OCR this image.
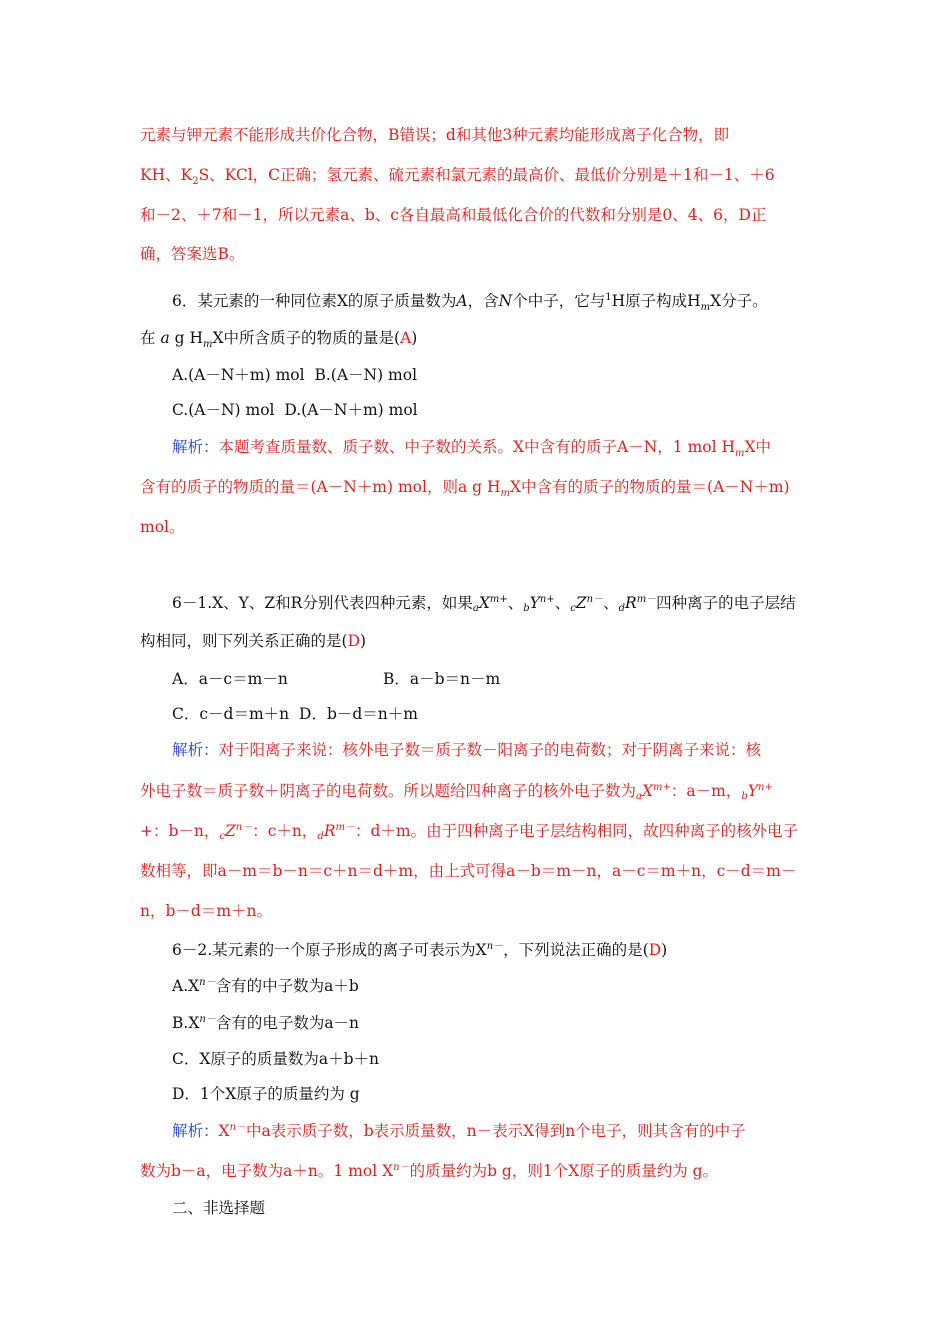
元素与钾元素不能形成共价化合物，B错误；d和其他3种元素均能形成离子化合物，即
KH、$K_2S$、KCl，C正确；氢元素、硫元素和氯元素的最高价、最低价分别是＋1和－1、＋6
和－2、＋7和－1，所以元素a、b、c各自最高和最低化合价的代数和分别是0、4、6，D正
确，答案选B。
6．某元素的一种同位素X的原子质量数为A，含N个中子，它与$^1$H原子构成$H_mX$分子。
在 a g $H_mX$中所含质子的物质的量是(A)
A.(A－N＋m) mol B.(A－N) mol
C.(A－N) mol D.(A－N＋m) mol
解析：本题考查质量数、质子数、中子数的关系。X中含有的质子A－N，1 mol $H_mX$中
含有的质子的物质的量＝(A－N＋m) mol，则a g $H_mX$中含有的质子的物质的量＝(A－N＋m)
mol。
6－1.X、Y、Z和R分别代表四种元素，如果$aX^{m+}$、$bY^{n+}$、$cZ^{n-}$、$dR^{m-}$四种离子的电子层结
构相同，则下列关系正确的是(D)
A．a－c＝m－n	B．a－b＝n－m
C．c－d＝m＋n D．b－d＝n＋m
解析：对于阳离子来说：核外电子数＝质子数－阳离子的电荷数；对于阴离子来说：核
外电子数＝质子数＋阴离子的电荷数。所以题给四种离子的核外电子数为$aX^{m+}$：a－m，$bY^{n+}$
+：b－n，$cZ^{n-}$：c＋n，$dR^{m-}$：d＋m。由于四种离子电子层结构相同，故四种离子的核外电子
数相等，即a－m＝b－n＝c＋n＝d＋m，由上式可得a－b＝m－n，a－c＝m＋n，c－d＝m－
n，b－d＝m＋n。
6－2.某元素的一个原子形成的离子可表示为$X^{n-}$，下列说法正确的是(D)
$A.X^{n-}$含有的中子数为a＋b
$B.X^{n-}$含有的电子数为a－n
C．X原子的质量数为a＋b＋n
D．1个X原子的质量约为 g
解析：$X^{n-}$中a表示质子数，b表示质量数，n－表示X得到n个电子，则其含有的中子
数为b－a，电子数为a＋n。1 mol $X^{n-}$的质量约为b g，则1个X原子的质量约为 g。
二、非选择题
